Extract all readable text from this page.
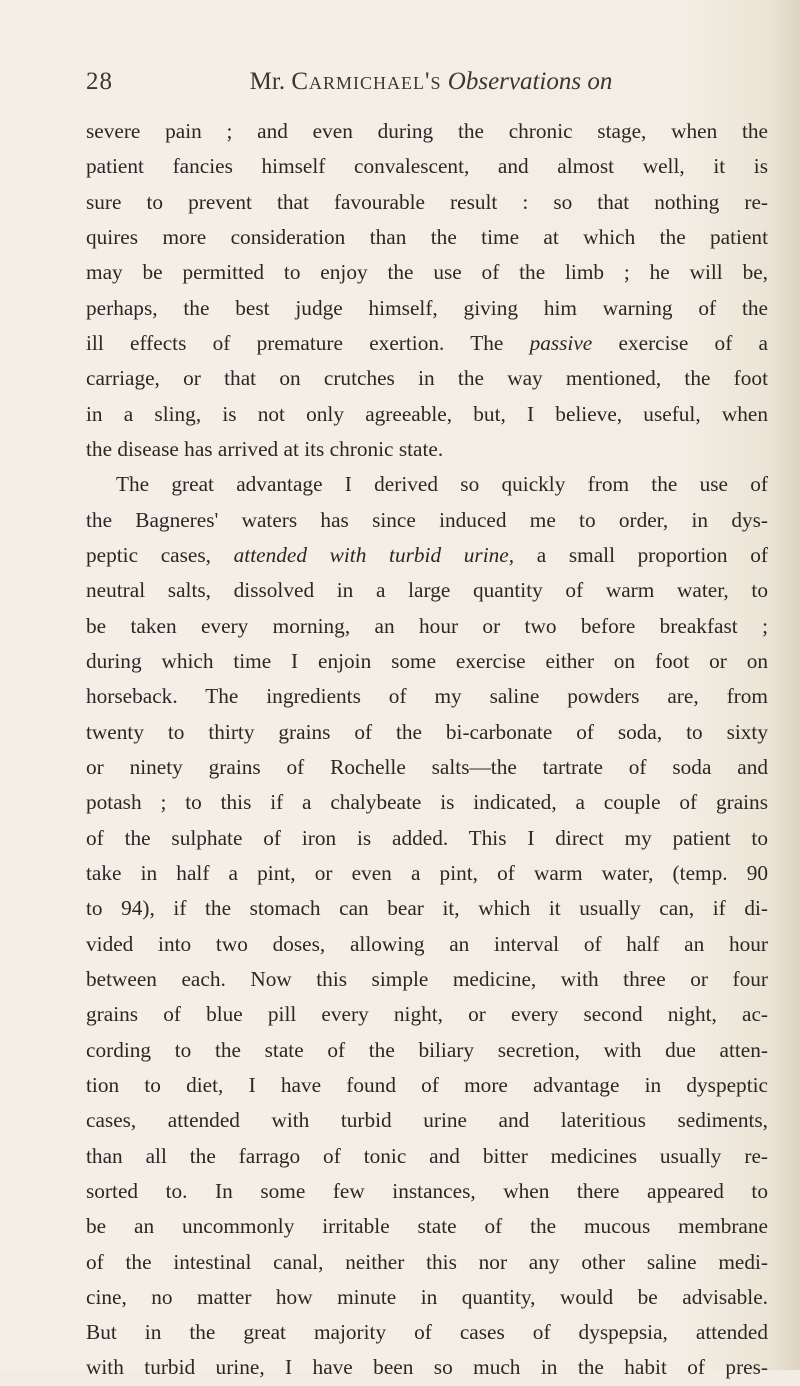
28	Mr. Carmichael's Observations on
severe pain ; and even during the chronic stage, when the
patient fancies himself convalescent, and almost well, it is
sure to prevent that favourable result : so that nothing re-
quires more consideration than the time at which the patient
may be permitted to enjoy the use of the limb ; he will be,
perhaps, the best judge himself, giving him warning of the
ill effects of premature exertion. The passive exercise of a
carriage, or that on crutches in the way mentioned, the foot
in a sling, is not only agreeable, but, I believe, useful, when
the disease has arrived at its chronic state.
The great advantage I derived so quickly from the use of
the Bagneres' waters has since induced me to order, in dys-
peptic cases, attended with turbid urine, a small proportion of
neutral salts, dissolved in a large quantity of warm water, to
be taken every morning, an hour or two before breakfast ;
during which time I enjoin some exercise either on foot or on
horseback. The ingredients of my saline powders are, from
twenty to thirty grains of the bi-carbonate of soda, to sixty
or ninety grains of Rochelle salts—the tartrate of soda and
potash ; to this if a chalybeate is indicated, a couple of grains
of the sulphate of iron is added. This I direct my patient to
take in half a pint, or even a pint, of warm water, (temp. 90
to 94), if the stomach can bear it, which it usually can, if di-
vided into two doses, allowing an interval of half an hour
between each. Now this simple medicine, with three or four
grains of blue pill every night, or every second night, ac-
cording to the state of the biliary secretion, with due atten-
tion to diet, I have found of more advantage in dyspeptic
cases, attended with turbid urine and lateritious sediments,
than all the farrago of tonic and bitter medicines usually re-
sorted to. In some few instances, when there appeared to
be an uncommonly irritable state of the mucous membrane
of the intestinal canal, neither this nor any other saline medi-
cine, no matter how minute in quantity, would be advisable.
But in the great majority of cases of dyspepsia, attended
with turbid urine, I have been so much in the habit of pres-
